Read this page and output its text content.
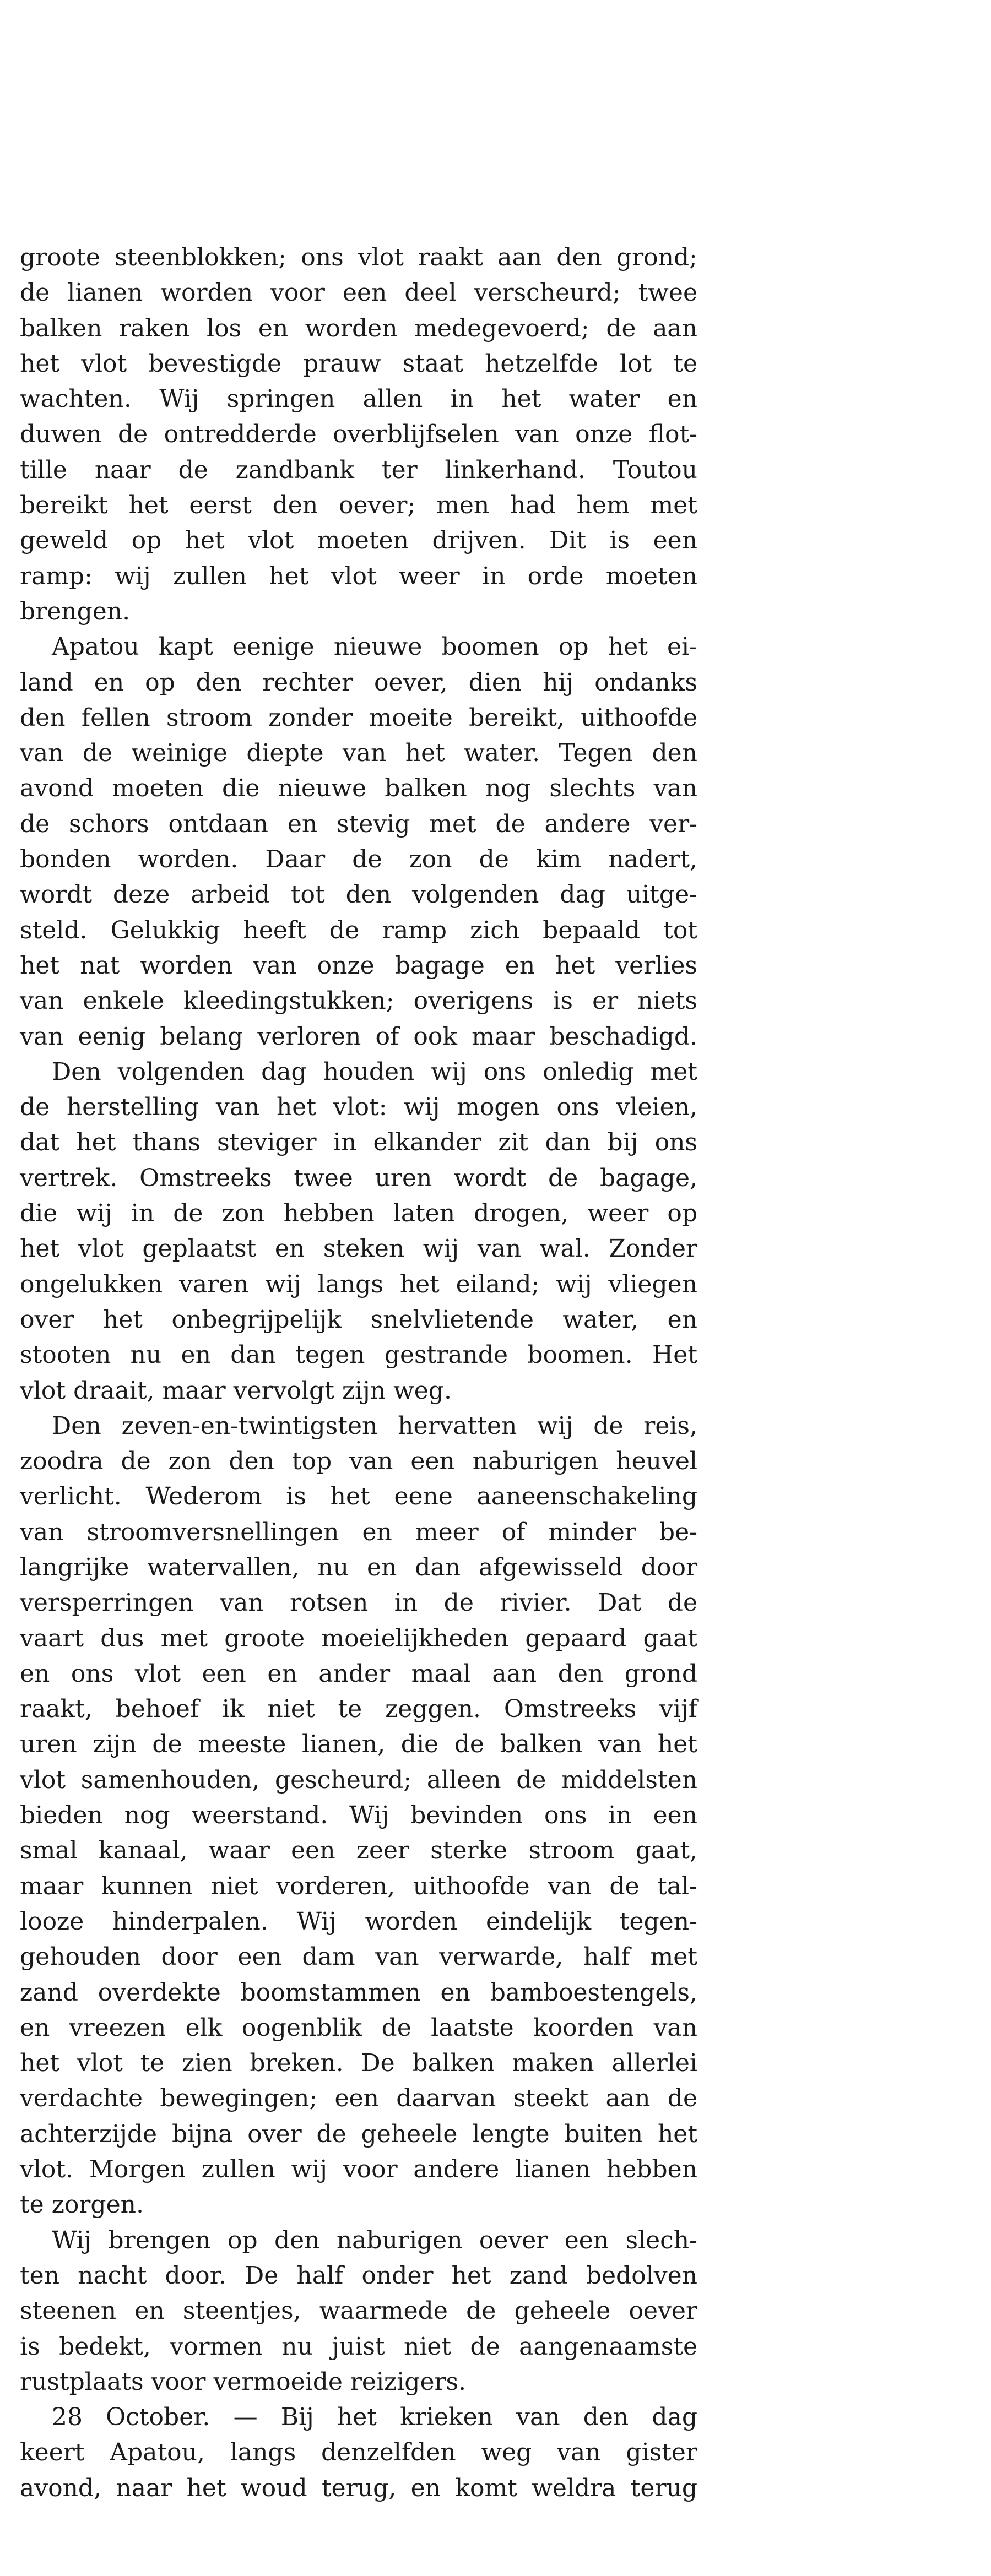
groote steenblokken; ons vlot raakt aan den grond;
de lianen worden voor een deel verscheurd; twee
balken raken los en worden medegevoerd; de aan
het vlot bevestigde prauw staat hetzelfde lot te
wachten. Wij springen allen in het water en
duwen de ontredderde overblijfselen van onze flot-
tille naar de zandbank ter linkerhand. Toutou
bereikt het eerst den oever; men had hem met
geweld op het vlot moeten drijven. Dit is een
ramp: wij zullen het vlot weer in orde moeten
brengen.

Apatou kapt eenige nieuwe boomen op het ei-
land en op den rechter oever, dien hij ondanks
den fellen stroom zonder moeite bereikt, uithoofde
van de weinige diepte van het water. Tegen den
avond moeten die nieuwe balken nog slechts van
de schors ontdaan en stevig met de andere ver-
bonden worden. Daar de zon de kim nadert,
wordt deze arbeid tot den volgenden dag uitge-
steld. Gelukkig heeft de ramp zich bepaald tot
het nat worden van onze bagage en het verlies
van enkele kleedingstukken; overigens is er niets
van eenig belang verloren of ook maar beschadigd.

Den volgenden dag houden wij ons onledig met
de herstelling van het vlot: wij mogen ons vleien,
dat het thans steviger in elkander zit dan bij ons
vertrek. Omstreeks twee uren wordt de bagage,
die wij in de zon hebben laten drogen, weer op
het vlot geplaatst en steken wij van wal. Zonder
ongelukken varen wij langs het eiland; wij vliegen
over het onbegrijpelijk snelvlietende water, en
stooten nu en dan tegen gestrande boomen. Het
vlot draait, maar vervolgt zijn weg.

Den zeven-en-twintigsten hervatten wij de reis,
zoodra de zon den top van een naburigen heuvel
verlicht. Wederom is het eene aaneenschakeling
van stroomversnellingen en meer of minder be-
langrijke watervallen, nu en dan afgewisseld door
versperringen van rotsen in de rivier. Dat de
vaart dus met groote moeielijkheden gepaard gaat
en ons vlot een en ander maal aan den grond
raakt, behoef ik niet te zeggen. Omstreeks vijf
uren zijn de meeste lianen, die de balken van het
vlot samenhouden, gescheurd; alleen de middelsten
bieden nog weerstand. Wij bevinden ons in een
smal kanaal, waar een zeer sterke stroom gaat,
maar kunnen niet vorderen, uithoofde van de tal-
looze hinderpalen. Wij worden eindelijk tegen-
gehouden door een dam van verwarde, half met
zand overdekte boomstammen en bamboestengels,
en vreezen elk oogenblik de laatste koorden van
het vlot te zien breken. De balken maken allerlei
verdachte bewegingen; een daarvan steekt aan de
achterzijde bijna over de geheele lengte buiten het
vlot. Morgen zullen wij voor andere lianen hebben
te zorgen.

Wij brengen op den naburigen oever een slech-
ten nacht door. De half onder het zand bedolven
steenen en steentjes, waarmede de geheele oever
is bedekt, vormen nu juist niet de aangenaamste
rustplaats voor vermoeide reizigers.

28 October. — Bij het krieken van den dag
keert Apatou, langs denzelfden weg van gister
avond, naar het woud terug, en komt weldra terug
